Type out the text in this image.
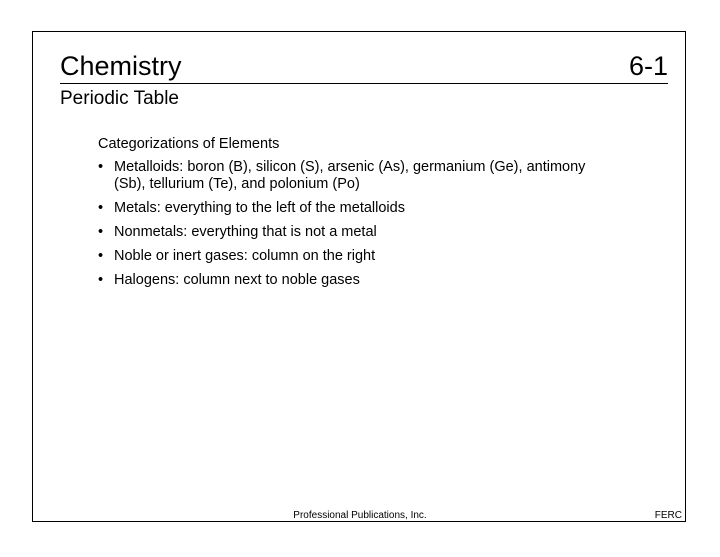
Chemistry	6-1
Periodic Table
Categorizations of Elements
• Metalloids: boron (B), silicon (S), arsenic (As), germanium (Ge), antimony (Sb), tellurium (Te), and polonium (Po)
• Metals: everything to the left of the metalloids
• Nonmetals: everything that is not a metal
• Noble or inert gases: column on the right
• Halogens: column next to noble gases
Professional Publications, Inc.	FERC
